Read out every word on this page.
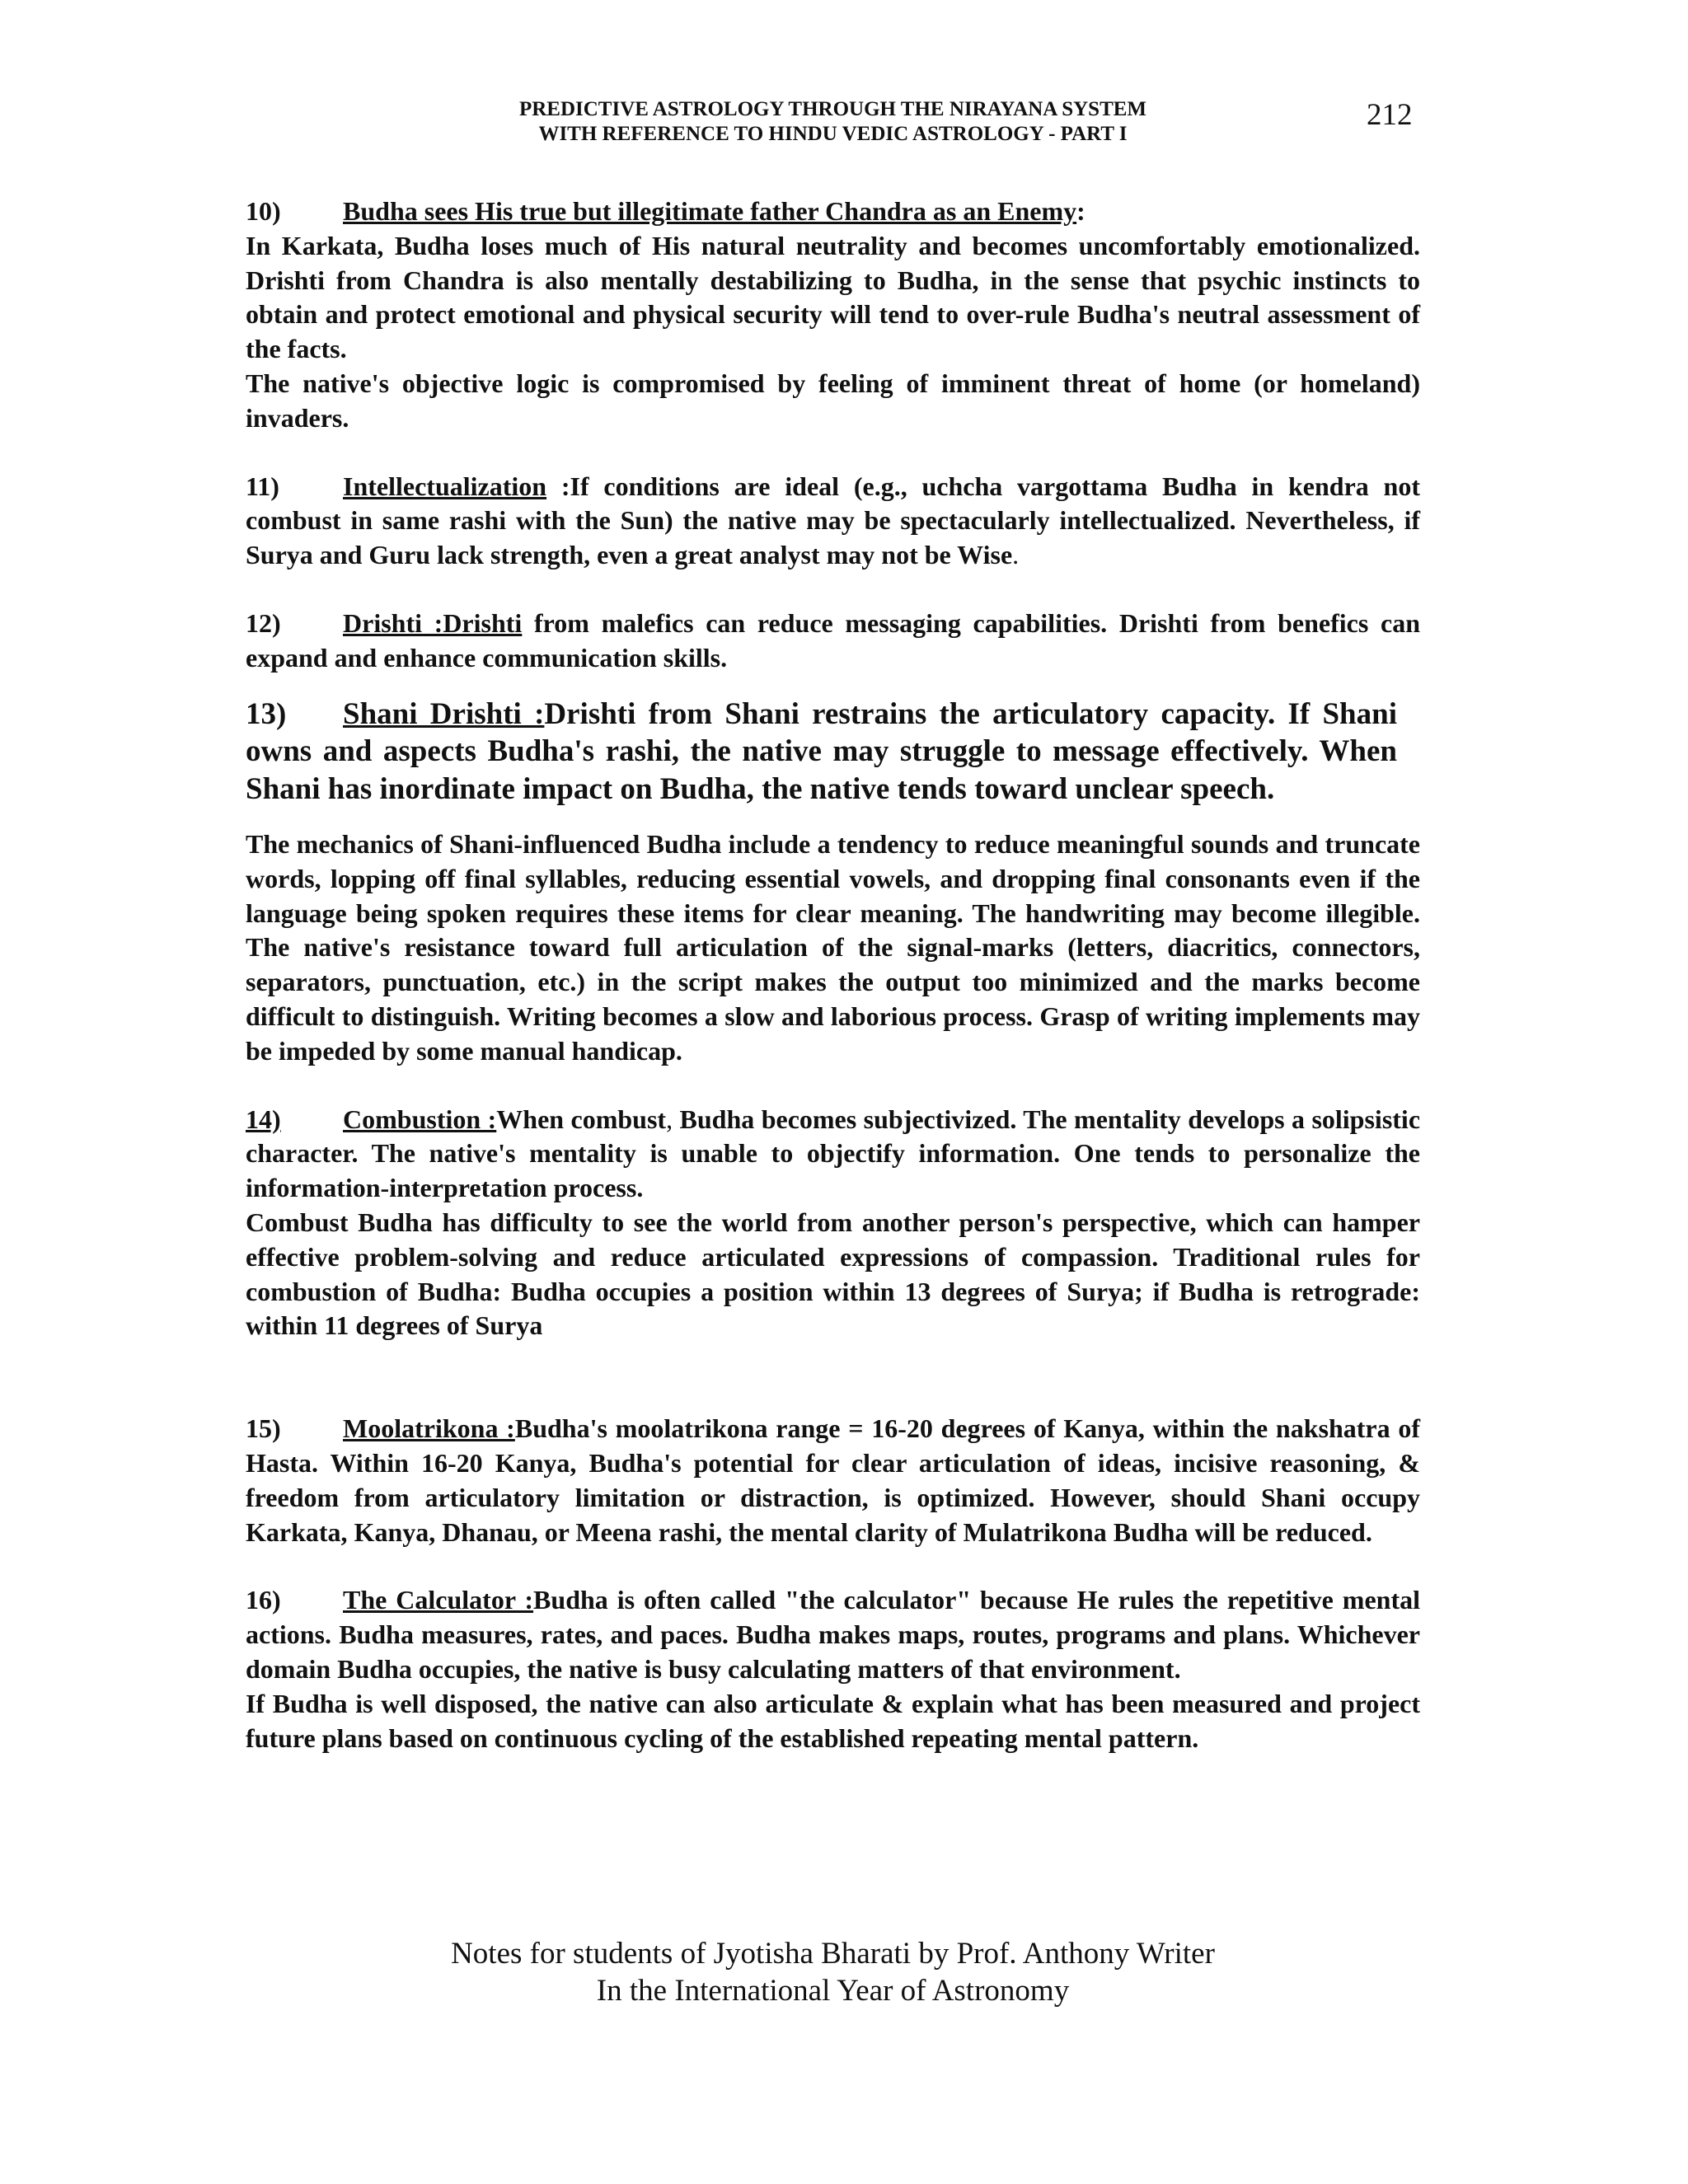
PREDICTIVE ASTROLOGY THROUGH THE NIRAYANA SYSTEM
WITH REFERENCE TO HINDU VEDIC ASTROLOGY - PART I
212

10) Budha sees His true but illegitimate father Chandra as an Enemy:

In Karkata, Budha loses much of His natural neutrality and becomes uncomfortably emotionalized. Drishti from Chandra is also mentally destabilizing to Budha, in the sense that psychic instincts to obtain and protect emotional and physical security will tend to over-rule Budha's neutral assessment of the facts.

The native's objective logic is compromised by feeling of imminent threat of home (or homeland) invaders.

11) Intellectualization :If conditions are ideal (e.g., uchcha vargottama Budha in kendra not combust in same rashi with the Sun) the native may be spectacularly intellectualized. Nevertheless, if Surya and Guru lack strength, even a great analyst may not be Wise.

12) Drishti :Drishti from malefics can reduce messaging capabilities. Drishti from benefics can expand and enhance communication skills.

13) Shani Drishti :Drishti from Shani restrains the articulatory capacity. If Shani owns and aspects Budha's rashi, the native may struggle to message effectively. When Shani has inordinate impact on Budha, the native tends toward unclear speech.

The mechanics of Shani-influenced Budha include a tendency to reduce meaningful sounds and truncate words, lopping off final syllables, reducing essential vowels, and dropping final consonants even if the language being spoken requires these items for clear meaning. The handwriting may become illegible. The native's resistance toward full articulation of the signal-marks (letters, diacritics, connectors, separators, punctuation, etc.) in the script makes the output too minimized and the marks become difficult to distinguish. Writing becomes a slow and laborious process. Grasp of writing implements may be impeded by some manual handicap.

14) Combustion :When combust, Budha becomes subjectivized. The mentality develops a solipsistic character. The native's mentality is unable to objectify information. One tends to personalize the information-interpretation process.

Combust Budha has difficulty to see the world from another person's perspective, which can hamper effective problem-solving and reduce articulated expressions of compassion. Traditional rules for combustion of Budha: Budha occupies a position within 13 degrees of Surya; if Budha is retrograde: within 11 degrees of Surya

15) Moolatrikona :Budha's moolatrikona range = 16-20 degrees of Kanya, within the nakshatra of Hasta. Within 16-20 Kanya, Budha's potential for clear articulation of ideas, incisive reasoning, & freedom from articulatory limitation or distraction, is optimized. However, should Shani occupy Karkata, Kanya, Dhanau, or Meena rashi, the mental clarity of Mulatrikona Budha will be reduced.

16) The Calculator :Budha is often called "the calculator" because He rules the repetitive mental actions. Budha measures, rates, and paces. Budha makes maps, routes, programs and plans. Whichever domain Budha occupies, the native is busy calculating matters of that environment.

If Budha is well disposed, the native can also articulate & explain what has been measured and project future plans based on continuous cycling of the established repeating mental pattern.

Notes for students of Jyotisha Bharati by Prof. Anthony Writer
In the International Year of Astronomy
